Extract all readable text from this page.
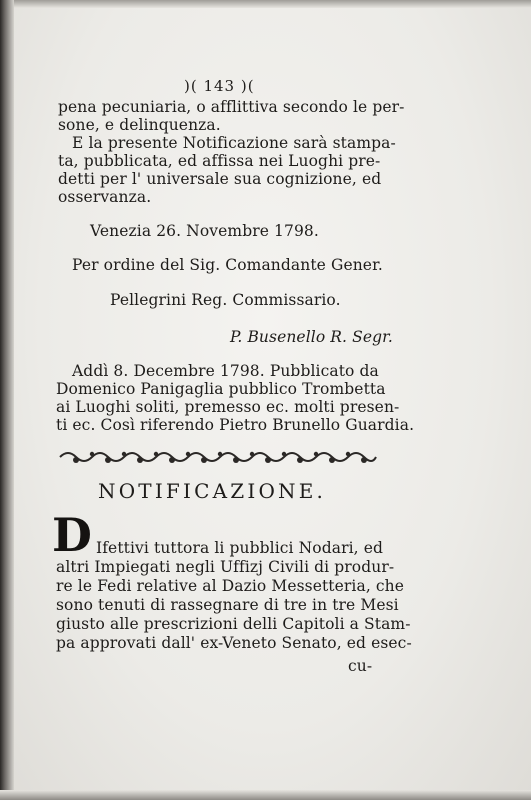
)( 143 )(
pena pecuniaria, o afflittiva secondo le per-
sone, e delinquenza.
E la presente Notificazione sarà stampa-
ta, pubblicata, ed affissa nei Luoghi pre-
detti per l' universale sua cognizione, ed
osservanza.
Venezia 26. Novembre 1798.
Per ordine del Sig. Comandante Gener.
Pellegrini Reg. Commissario.
P. Busenello R. Segr.
Addì 8. Decembre 1798. Pubblicato da
Domenico Panigaglia pubblico Trombetta
ai Luoghi soliti, premesso ec. molti presen-
ti ec. Così riferendo Pietro Brunello Guardia.
NOTIFICAZIONE.
D Ifettivi tuttora li pubblici Nodari, ed
altri Impiegati negli Uffizj Civili di produr-
re le Fedi relative al Dazio Messetteria, che
sono tenuti di rassegnare di tre in tre Mesi
giusto alle prescrizioni delli Capitoli a Stam-
pa approvati dall' ex-Veneto Senato, ed esec-
cu-
